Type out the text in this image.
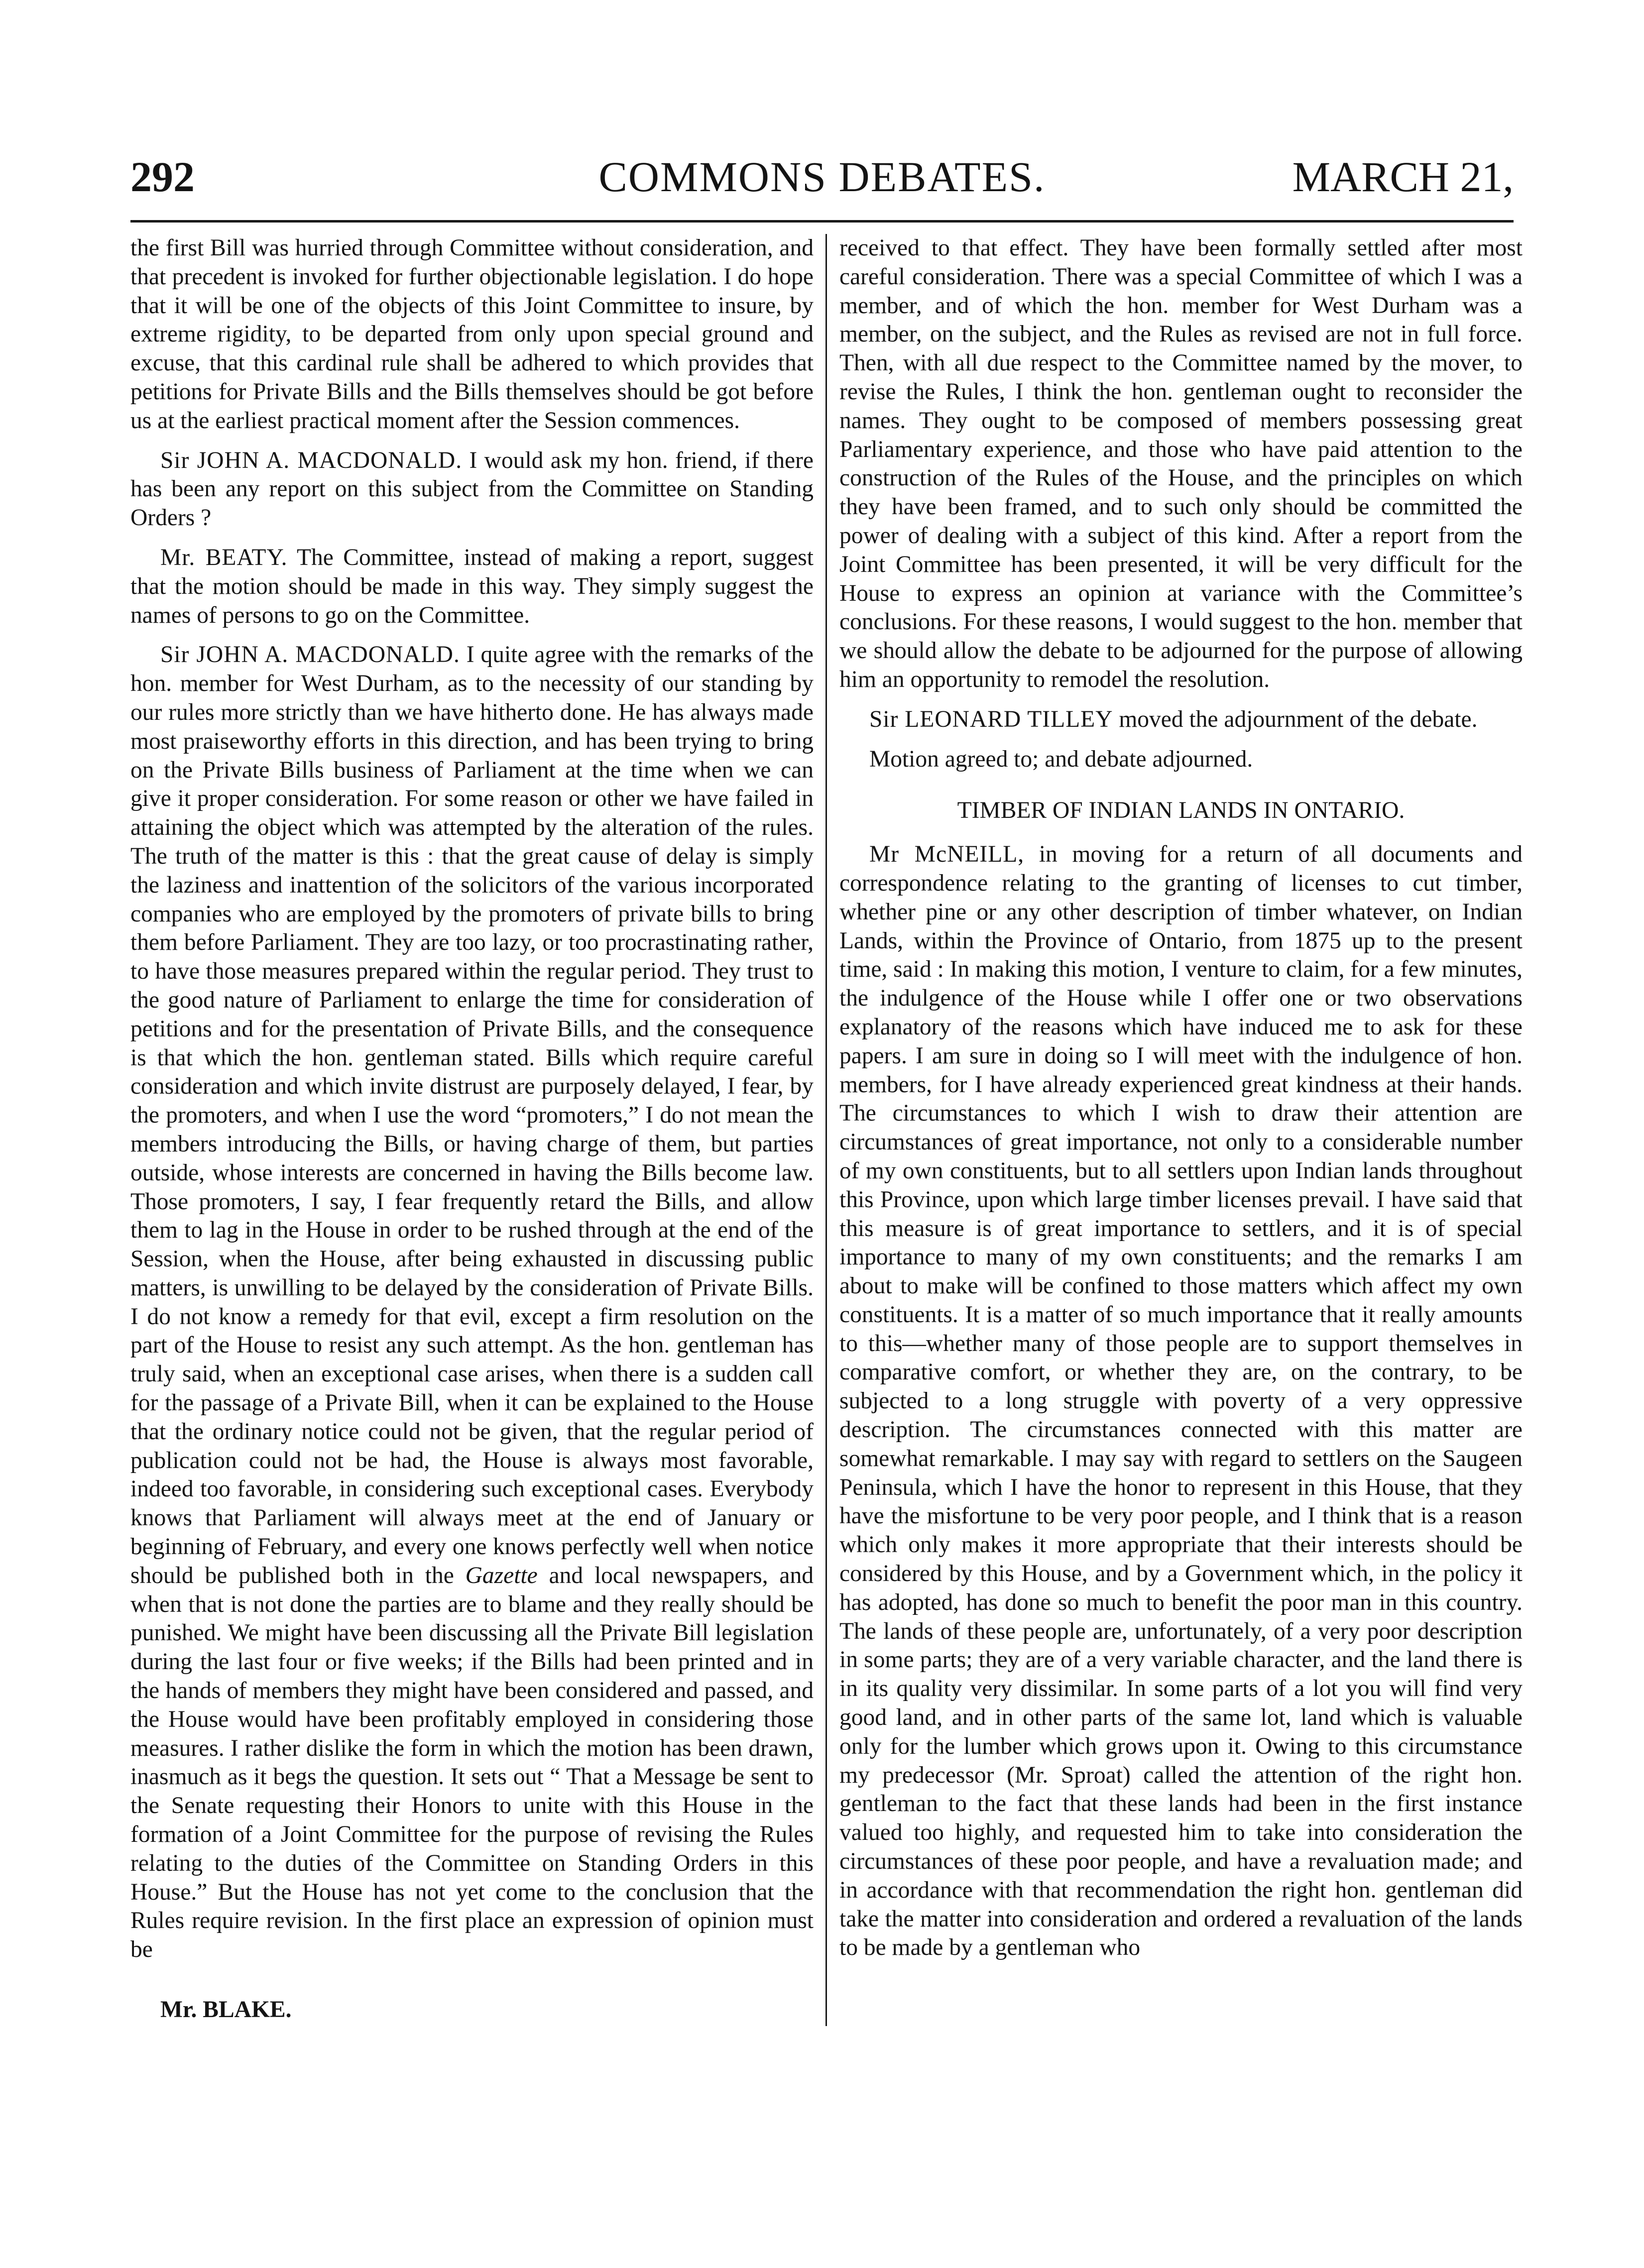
292	COMMONS DEBATES.	MARCH 21,

the first Bill was hurried through Committee without consideration, and that precedent is invoked for further objectionable legislation. I do hope that it will be one of the objects of this Joint Committee to insure, by extreme rigidity, to be departed from only upon special ground and excuse, that this cardinal rule shall be adhered to which provides that petitions for Private Bills and the Bills themselves should be got before us at the earliest practical moment after the Session commences.

Sir JOHN A. MACDONALD. I would ask my hon. friend, if there has been any report on this subject from the Committee on Standing Orders ?

Mr. BEATY. The Committee, instead of making a report, suggest that the motion should be made in this way. They simply suggest the names of persons to go on the Committee.

Sir JOHN A. MACDONALD. I quite agree with the remarks of the hon. member for West Durham, as to the necessity of our standing by our rules more strictly than we have hitherto done. He has always made most praiseworthy efforts in this direction, and has been trying to bring on the Private Bills business of Parliament at the time when we can give it proper consideration. For some reason or other we have failed in attaining the object which was attempted by the alteration of the rules. The truth of the matter is this : that the great cause of delay is simply the laziness and inattention of the solicitors of the various incorporated companies who are employed by the promoters of private bills to bring them before Parliament. They are too lazy, or too procrastinating rather, to have those measures prepared within the regular period. They trust to the good nature of Parliament to enlarge the time for consideration of petitions and for the presentation of Private Bills, and the consequence is that which the hon. gentleman stated. Bills which require careful consideration and which invite distrust are purposely delayed, I fear, by the promoters, and when I use the word “promoters,” I do not mean the members introducing the Bills, or having charge of them, but parties outside, whose interests are concerned in having the Bills become law. Those promoters, I say, I fear frequently retard the Bills, and allow them to lag in the House in order to be rushed through at the end of the Session, when the House, after being exhausted in discussing public matters, is unwilling to be delayed by the consideration of Private Bills. I do not know a remedy for that evil, except a firm resolution on the part of the House to resist any such attempt. As the hon. gentleman has truly said, when an exceptional case arises, when there is a sudden call for the passage of a Private Bill, when it can be explained to the House that the ordinary notice could not be given, that the regular period of publication could not be had, the House is always most favorable, indeed too favorable, in considering such exceptional cases. Everybody knows that Parliament will always meet at the end of January or beginning of February, and every one knows perfectly well when notice should be published both in the Gazette and local newspapers, and when that is not done the parties are to blame and they really should be punished. We might have been discussing all the Private Bill legislation during the last four or five weeks; if the Bills had been printed and in the hands of members they might have been considered and passed, and the House would have been profitably employed in considering those measures. I rather dislike the form in which the motion has been drawn, inasmuch as it begs the question. It sets out “ That a Message be sent to the Senate requesting their Honors to unite with this House in the formation of a Joint Committee for the purpose of revising the Rules relating to the duties of the Committee on Standing Orders in this House.” But the House has not yet come to the conclusion that the Rules require revision. In the first place an expression of opinion must be

received to that effect. They have been formally settled after most careful consideration. There was a special Committee of which I was a member, and of which the hon. member for West Durham was a member, on the subject, and the Rules as revised are not in full force. Then, with all due respect to the Committee named by the mover, to revise the Rules, I think the hon. gentleman ought to reconsider the names. They ought to be composed of members possessing great Parliamentary experience, and those who have paid attention to the construction of the Rules of the House, and the principles on which they have been framed, and to such only should be committed the power of dealing with a subject of this kind. After a report from the Joint Committee has been presented, it will be very difficult for the House to express an opinion at variance with the Committee’s conclusions. For these reasons, I would suggest to the hon. member that we should allow the debate to be adjourned for the purpose of allowing him an opportunity to remodel the resolution.

Sir LEONARD TILLEY moved the adjournment of the debate.

Motion agreed to; and debate adjourned.

TIMBER OF INDIAN LANDS IN ONTARIO.

Mr McNEILL, in moving for a return of all documents and correspondence relating to the granting of licenses to cut timber, whether pine or any other description of timber whatever, on Indian Lands, within the Province of Ontario, from 1875 up to the present time, said : In making this motion, I venture to claim, for a few minutes, the indulgence of the House while I offer one or two observations explanatory of the reasons which have induced me to ask for these papers. I am sure in doing so I will meet with the indulgence of hon. members, for I have already experienced great kindness at their hands. The circumstances to which I wish to draw their attention are circumstances of great importance, not only to a considerable number of my own constituents, but to all settlers upon Indian lands throughout this Province, upon which large timber licenses prevail. I have said that this measure is of great importance to settlers, and it is of special importance to many of my own constituents; and the remarks I am about to make will be confined to those matters which affect my own constituents. It is a matter of so much importance that it really amounts to this—whether many of those people are to support themselves in comparative comfort, or whether they are, on the contrary, to be subjected to a long struggle with poverty of a very oppressive description. The circumstances connected with this matter are somewhat remarkable. I may say with regard to settlers on the Saugeen Peninsula, which I have the honor to represent in this House, that they have the misfortune to be very poor people, and I think that is a reason which only makes it more appropriate that their interests should be considered by this House, and by a Government which, in the policy it has adopted, has done so much to benefit the poor man in this country. The lands of these people are, unfortunately, of a very poor description in some parts; they are of a very variable character, and the land there is in its quality very dissimilar. In some parts of a lot you will find very good land, and in other parts of the same lot, land which is valuable only for the lumber which grows upon it. Owing to this circumstance my predecessor (Mr. Sproat) called the attention of the right hon. gentleman to the fact that these lands had been in the first instance valued too highly, and requested him to take into consideration the circumstances of these poor people, and have a revaluation made; and in accordance with that recommendation the right hon. gentleman did take the matter into consideration and ordered a revaluation of the lands to be made by a gentleman who

Mr. BLAKE.
